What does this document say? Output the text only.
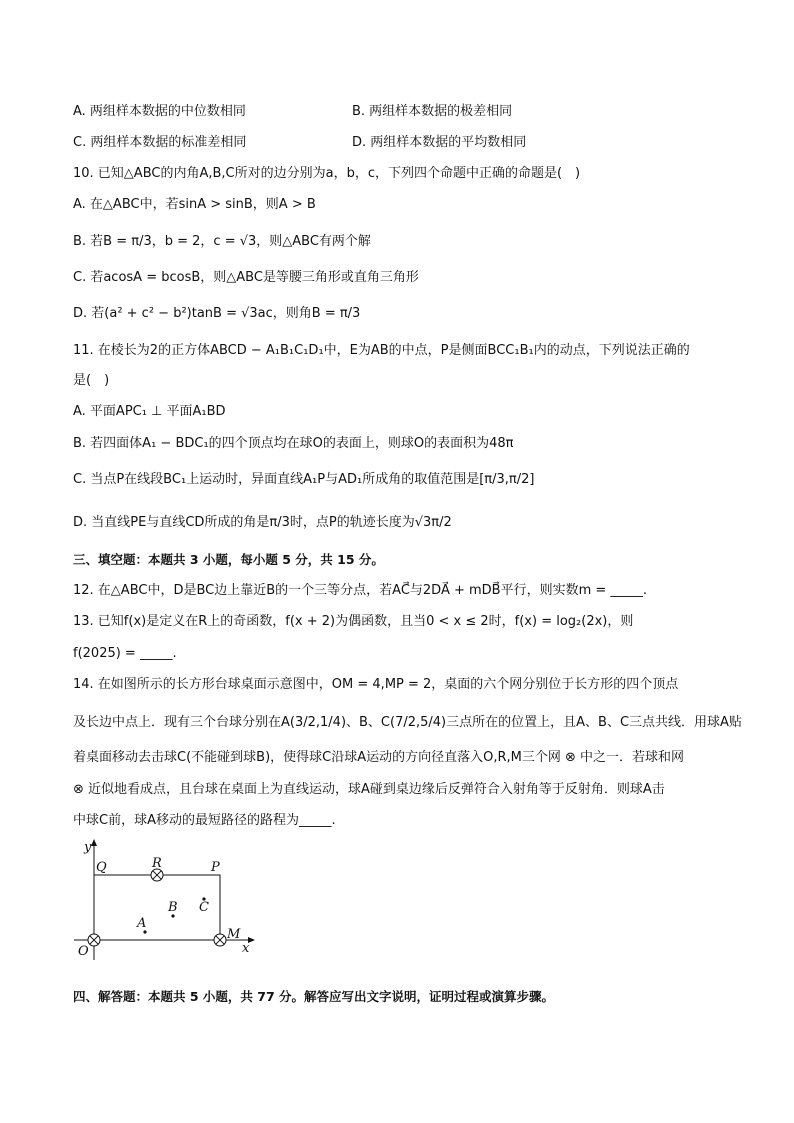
A. 两组样本数据的中位数相同	B. 两组样本数据的极差相同
C. 两组样本数据的标准差相同	D. 两组样本数据的平均数相同
10. 已知△ABC的内角A,B,C所对的边分别为a，b，c，下列四个命题中正确的命题是(　)
A. 在△ABC中，若sinA > sinB，则A > B
B. 若B = π/3，b = 2，c = √3，则△ABC有两个解
C. 若acosA = bcosB，则△ABC是等腰三角形或直角三角形
D. 若(a² + c² − b²)tanB = √3ac，则角B = π/3
11. 在棱长为2的正方体ABCD − A₁B₁C₁D₁中，E为AB的中点，P是侧面BCC₁B₁内的动点，下列说法正确的
是(　)
A. 平面APC₁ ⊥ 平面A₁BD
B. 若四面体A₁ − BDC₁的四个顶点均在球O的表面上，则球O的表面积为48π
C. 当点P在线段BC₁上运动时，异面直线A₁P与AD₁所成角的取值范围是[π/3,π/2]
D. 当直线PE与直线CD所成的角是π/3时，点P的轨迹长度为√3π/2
三、填空题：本题共 3 小题，每小题 5 分，共 15 分。
12. 在△ABC中，D是BC边上靠近B的一个三等分点，若AC⃗与2DA⃗ + mDB⃗平行，则实数m = _____.
13. 已知f(x)是定义在R上的奇函数，f(x + 2)为偶函数，且当0 < x ≤ 2时，f(x) = log₂(2x)，则
f(2025) = _____.
14. 在如图所示的长方形台球桌面示意图中，OM = 4,MP = 2，桌面的六个网分别位于长方形的四个顶点
及长边中点上．现有三个台球分别在A(3/2,1/4)、B、C(7/2,5/4)三点所在的位置上，且A、B、C三点共线．用球A贴
着桌面移动去击球C(不能碰到球B)，使得球C沿球A运动的方向径直落入O,R,M三个网 ⊗ 中之一．若球和网
⊗ 近似地看成点，且台球在桌面上为直线运动，球A碰到桌边缘后反弹符合入射角等于反射角．则球A击
中球C前，球A移动的最短路径的路程为_____.
y
x
O
M
P
Q	R
A
B C
四、解答题：本题共 5 小题，共 77 分。解答应写出文字说明，证明过程或演算步骤。
